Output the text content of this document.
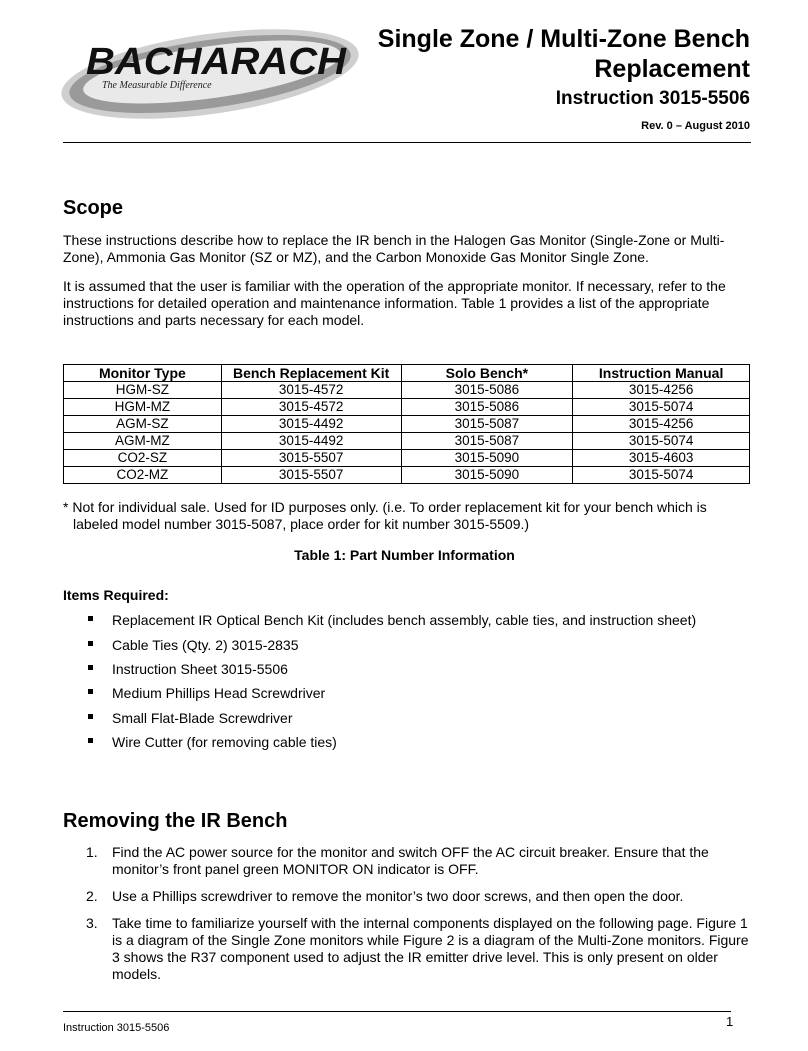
BACHARACH
The Measurable Difference
Single Zone / Multi-Zone Bench
Replacement
Instruction 3015-5506
Rev. 0 – August 2010
Scope

These instructions describe how to replace the IR bench in the Halogen Gas Monitor (Single-Zone or Multi-Zone), Ammonia Gas Monitor (SZ or MZ), and the Carbon Monoxide Gas Monitor Single Zone.

It is assumed that the user is familiar with the operation of the appropriate monitor. If necessary, refer to the instructions for detailed operation and maintenance information. Table 1 provides a list of the appropriate instructions and parts necessary for each model.

Monitor Type	Bench Replacement Kit	Solo Bench*	Instruction Manual
HGM-SZ	3015-4572	3015-5086	3015-4256
HGM-MZ	3015-4572	3015-5086	3015-5074
AGM-SZ	3015-4492	3015-5087	3015-4256
AGM-MZ	3015-4492	3015-5087	3015-5074
CO2-SZ	3015-5507	3015-5090	3015-4603
CO2-MZ	3015-5507	3015-5090	3015-5074

* Not for individual sale. Used for ID purposes only. (i.e. To order replacement kit for your bench which is labeled model number 3015-5087, place order for kit number 3015-5509.)

Table 1: Part Number Information
Items Required:
Replacement IR Optical Bench Kit (includes bench assembly, cable ties, and instruction sheet)
Cable Ties (Qty. 2) 3015-2835
Instruction Sheet 3015-5506
Medium Phillips Head Screwdriver
Small Flat-Blade Screwdriver
Wire Cutter (for removing cable ties)
Removing the IR Bench
1. Find the AC power source for the monitor and switch OFF the AC circuit breaker. Ensure that the monitor’s front panel green MONITOR ON indicator is OFF.
2. Use a Phillips screwdriver to remove the monitor’s two door screws, and then open the door.
3. Take time to familiarize yourself with the internal components displayed on the following page. Figure 1 is a diagram of the Single Zone monitors while Figure 2 is a diagram of the Multi-Zone monitors. Figure 3 shows the R37 component used to adjust the IR emitter drive level. This is only present on older models.
Instruction 3015-5506	1
